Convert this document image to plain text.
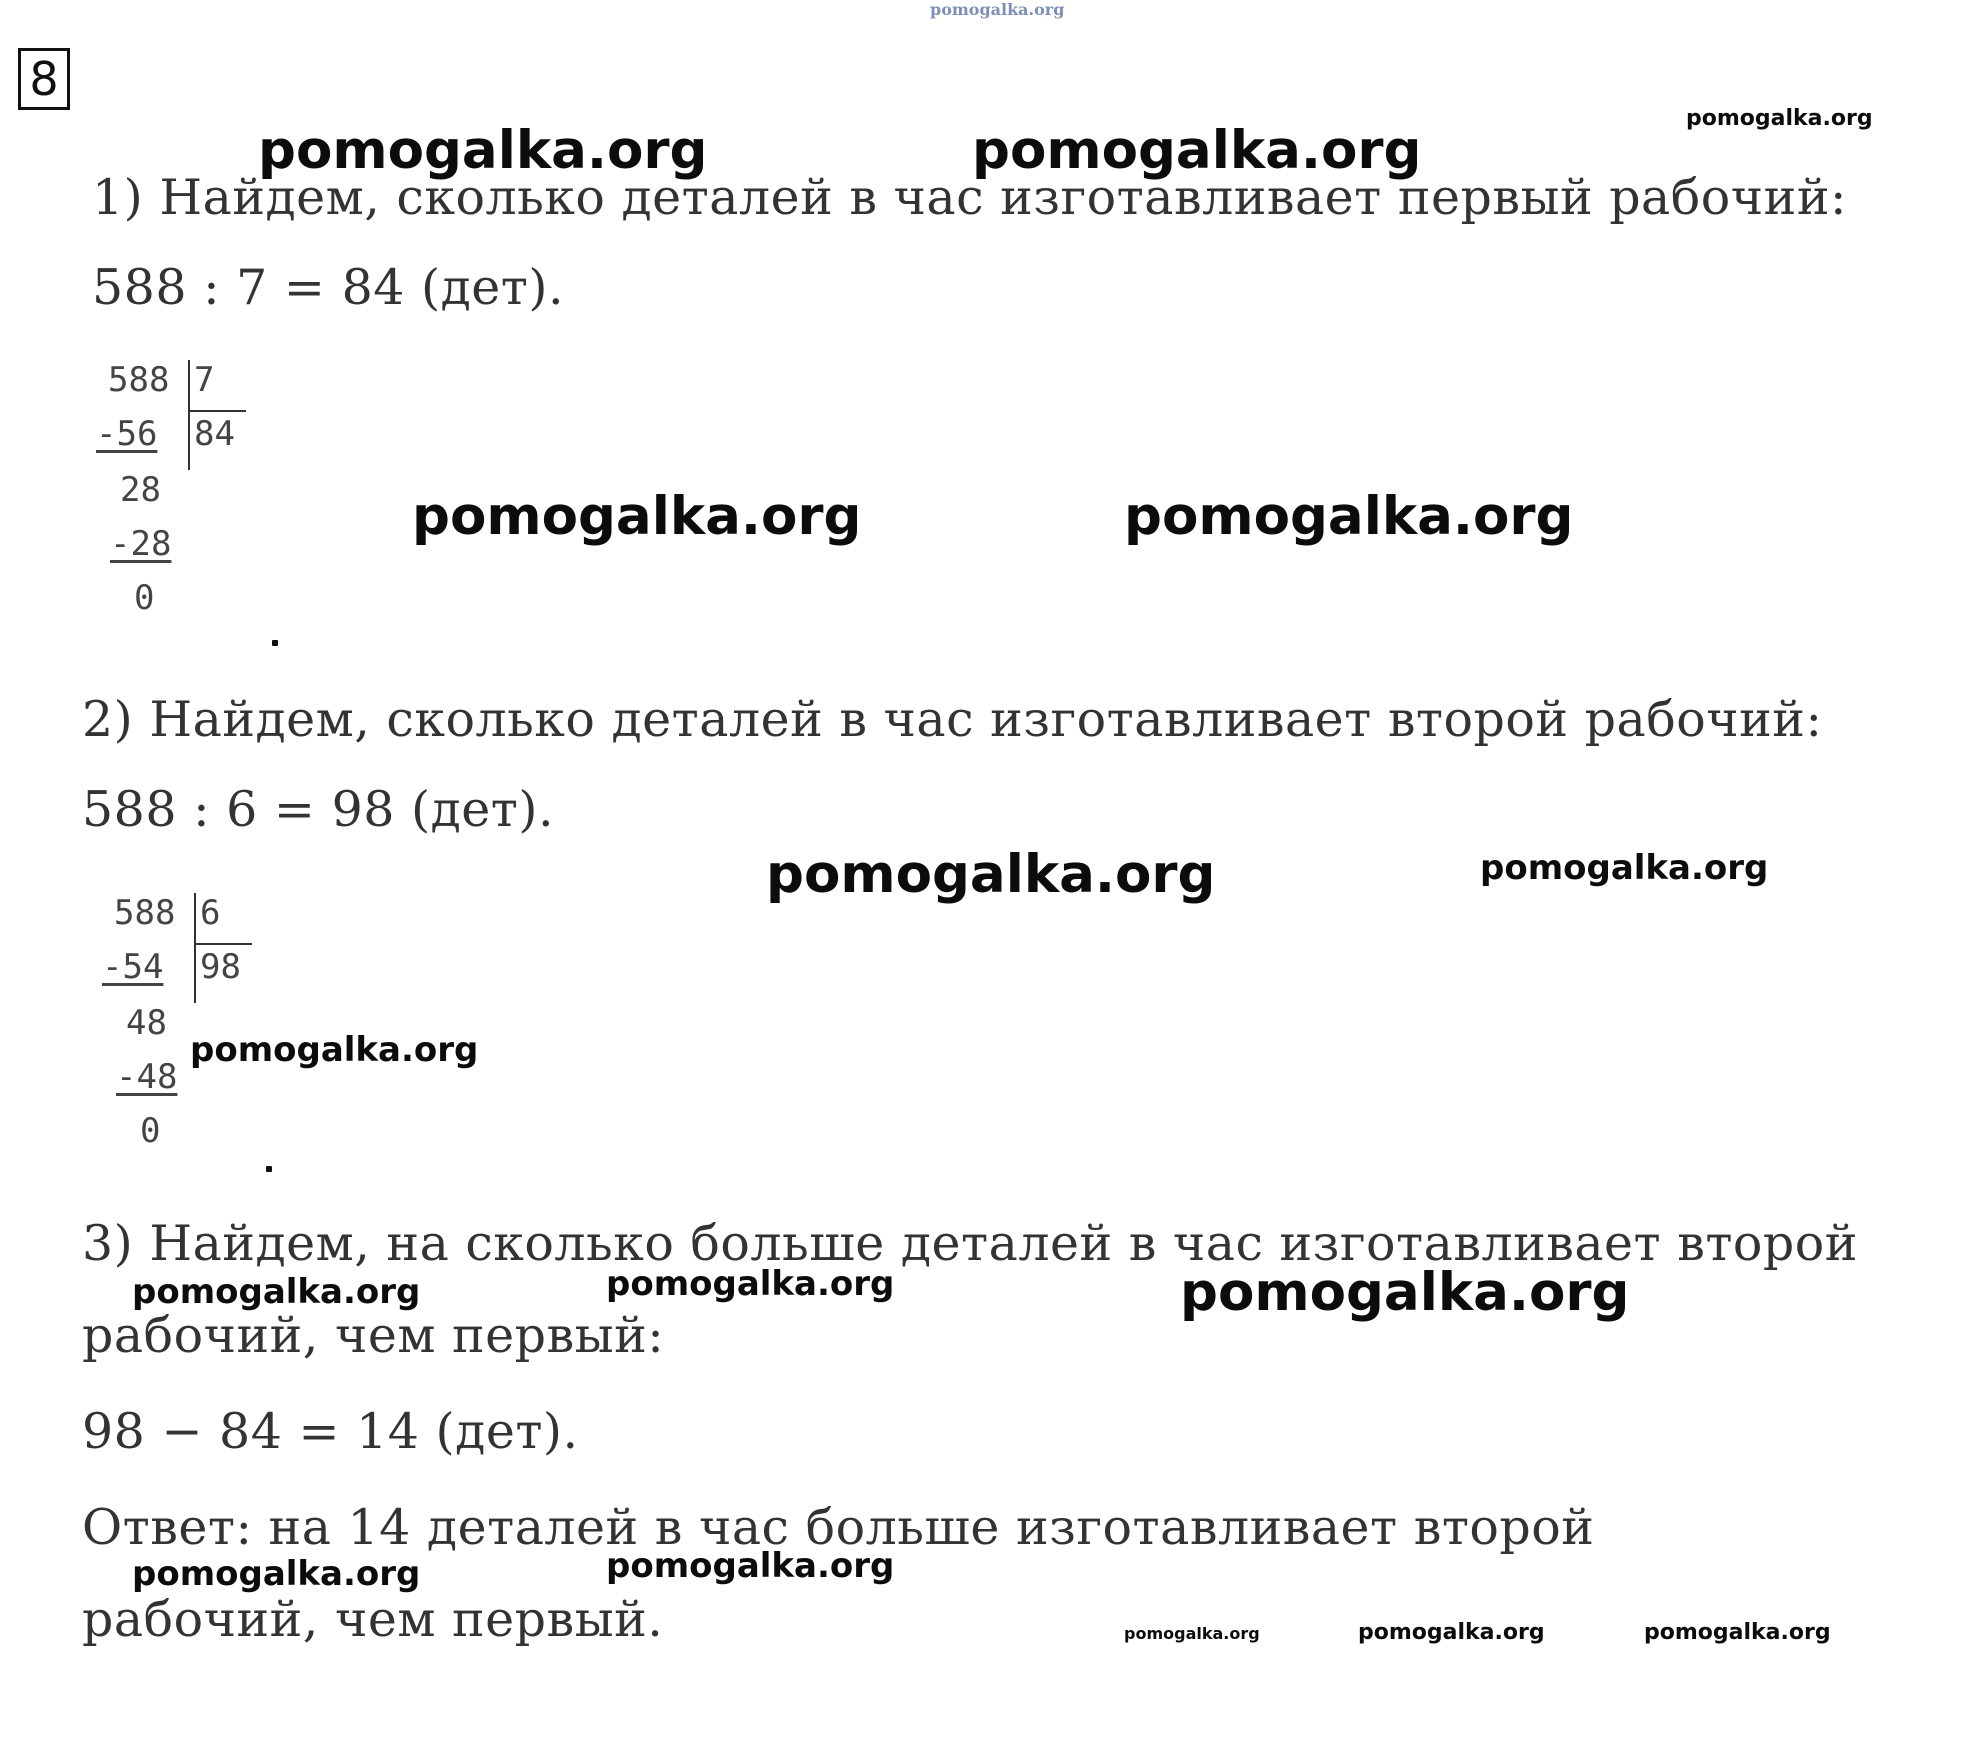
pomogalka.org
8
1) Найдем, сколько деталей в час изготавливает первый рабочий:
588 : 7 = 84 (дет).
588 7
-56 84
28
-28
0
2) Найдем, сколько деталей в час изготавливает второй рабочий:
588 : 6 = 98 (дет).
588 6
-54 98
48
-48
0
3) Найдем, на сколько больше деталей в час изготавливает второй
рабочий, чем первый:
98 − 84 = 14 (дет).
Ответ: на 14 деталей в час больше изготавливает второй
рабочий, чем первый.
pomogalka.org	pomogalka.org
pomogalka.org
pomogalka.org	pomogalka.org
pomogalka.org	pomogalka.org
pomogalka.org
pomogalka.org	pomogalka.org	pomogalka.org
pomogalka.org	pomogalka.org
pomogalka.org	pomogalka.org	pomogalka.org
